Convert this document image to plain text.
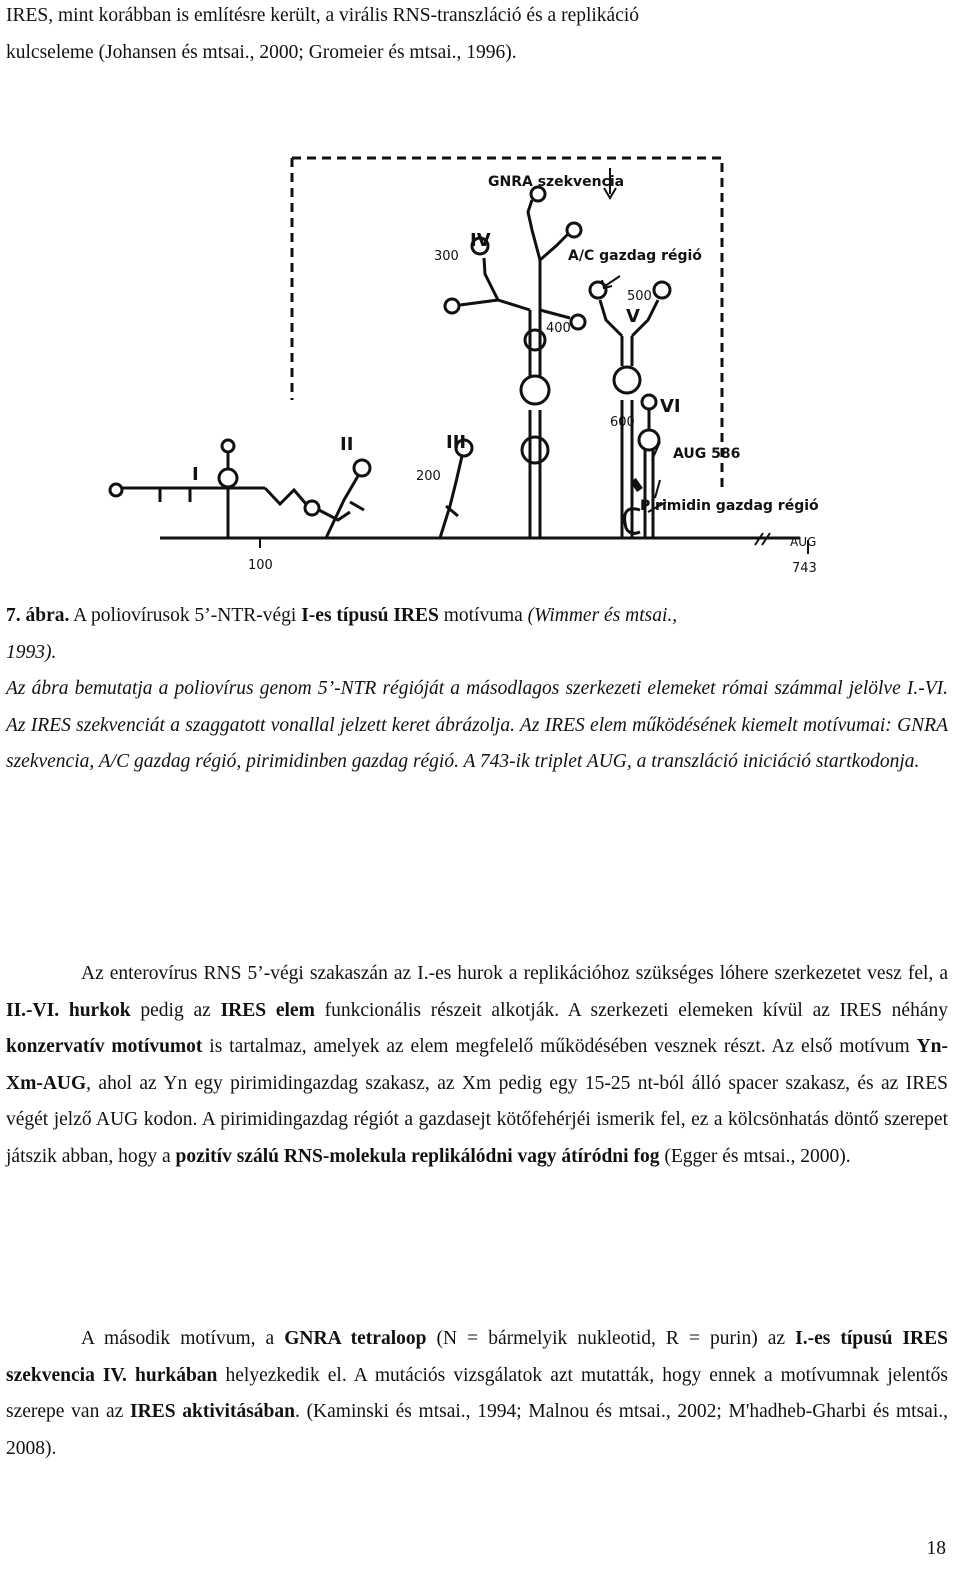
IRES, mint korábban is említésre került, a virális RNS-transzláció és a replikáció
kulcseleme (Johansen és mtsai., 2000; Gromeier és mtsai., 1996).

GNRA szekvencia
A/C gazdag régió
AUG 586
Pirimidin gazdag régió
AUG
100
200
300
400
500
600
743
I
II	III
IV
V
VI

7. ábra. A poliovírusok 5’-NTR-végi I-es típusú IRES motívuma (Wimmer és mtsai.,
1993).

Az ábra bemutatja a poliovírus genom 5’-NTR régióját a másodlagos szerkezeti elemeket római számmal jelölve I.-VI. Az IRES szekvenciát a szaggatott vonallal jelzett keret ábrázolja. Az IRES elem működésének kiemelt motívumai: GNRA szekvencia, A/C gazdag régió, pirimidinben gazdag régió. A 743-ik triplet AUG, a transzláció iniciáció startkodonja.

Az enterovírus RNS 5’-végi szakaszán az I.-es hurok a replikációhoz szükséges lóhere szerkezetet vesz fel, a II.-VI. hurkok pedig az IRES elem funkcionális részeit alkotják. A szerkezeti elemeken kívül az IRES néhány konzervatív motívumot is tartalmaz, amelyek az elem megfelelő működésében vesznek részt. Az első motívum Yn-Xm-AUG, ahol az Yn egy pirimidingazdag szakasz, az Xm pedig egy 15-25 nt-ból álló spacer szakasz, és az IRES végét jelző AUG kodon. A pirimidingazdag régiót a gazdasejt kötőfehérjéi ismerik fel, ez a kölcsönhatás döntő szerepet játszik abban, hogy a pozitív szálú RNS-molekula replikálódni vagy átíródni fog (Egger és mtsai., 2000).

A második motívum, a GNRA tetraloop (N = bármelyik nukleotid, R = purin) az I.-es típusú IRES szekvencia IV. hurkában helyezkedik el. A mutációs vizsgálatok azt mutatták, hogy ennek a motívumnak jelentős szerepe van az IRES aktivitásában. (Kaminski és mtsai., 1994; Malnou és mtsai., 2002; M'hadheb-Gharbi és mtsai., 2008).

18
